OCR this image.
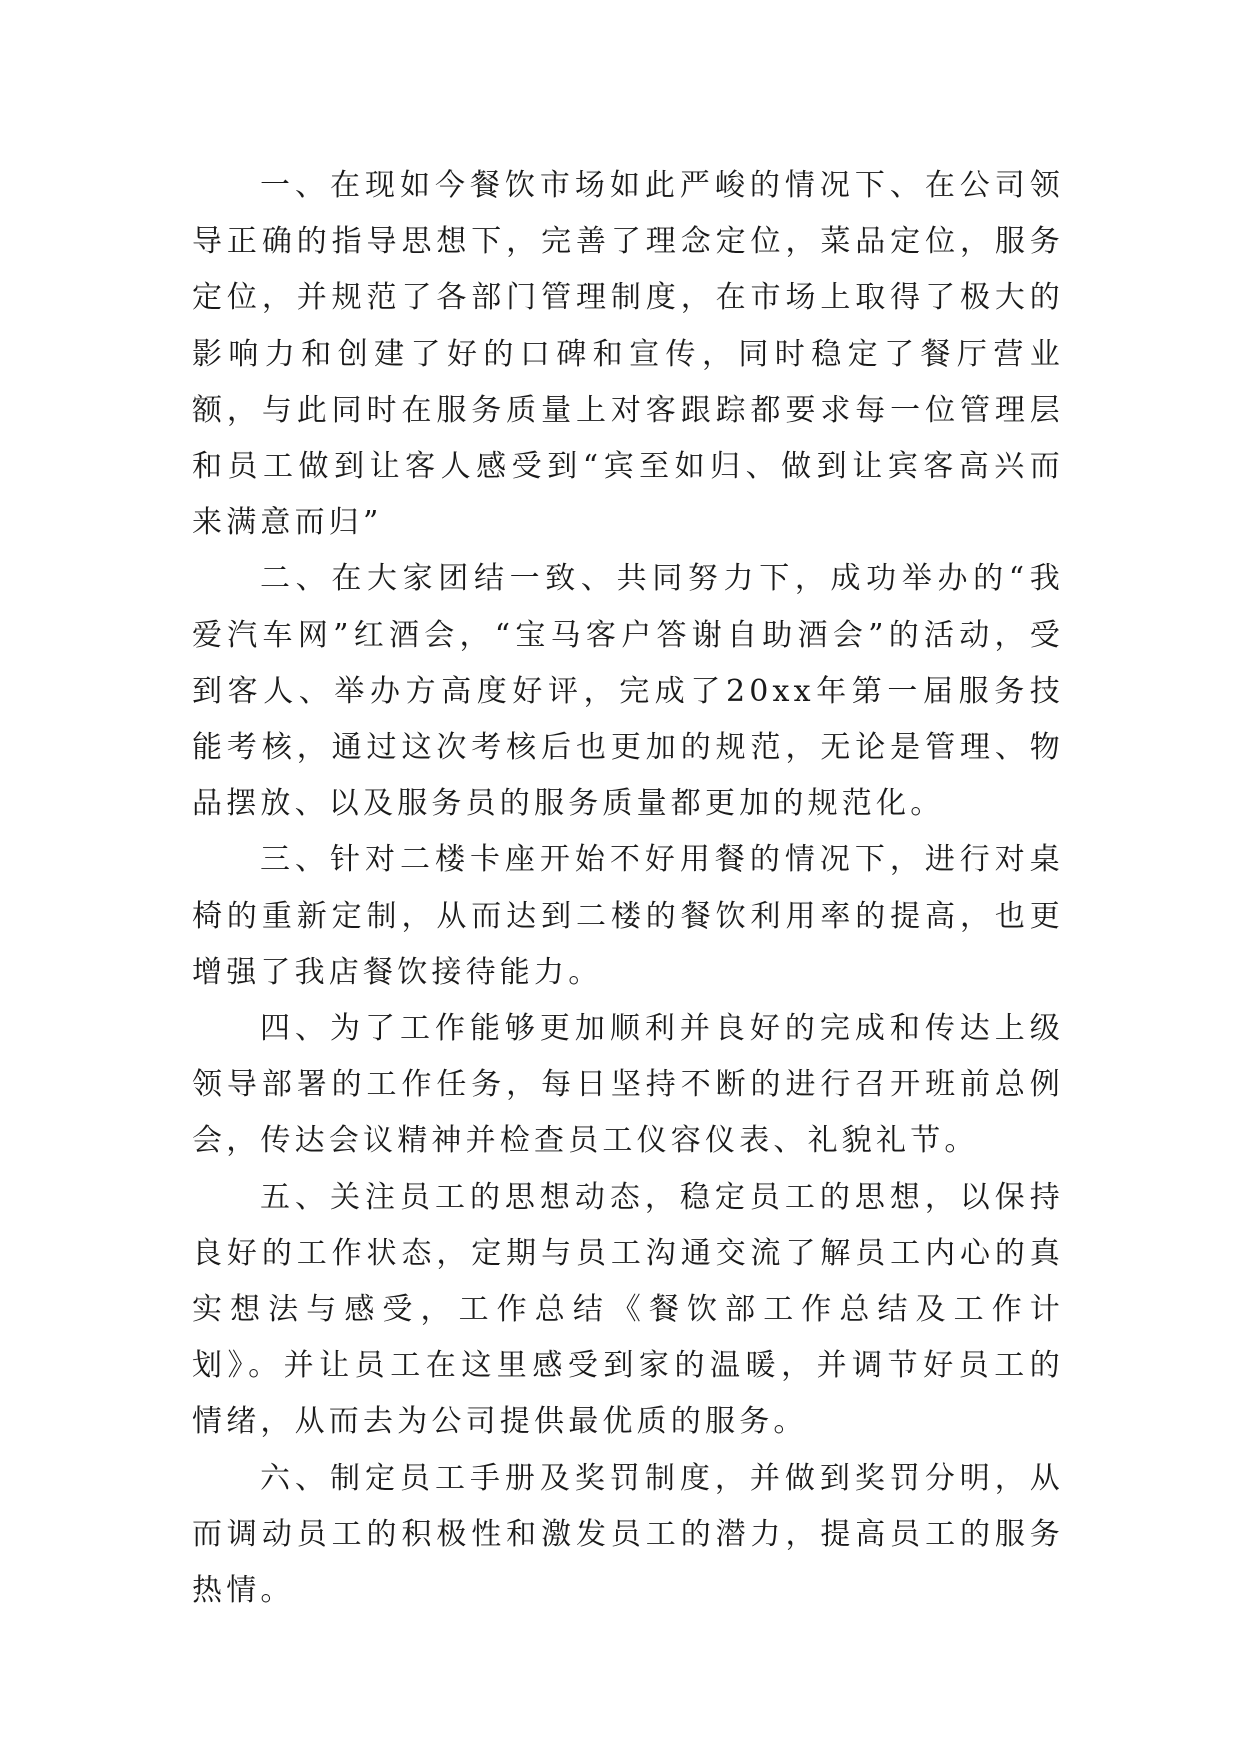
一、在现如今餐饮市场如此严峻的情况下、在公司领导正确的指导思想下，完善了理念定位，菜品定位，服务定位，并规范了各部门管理制度，在市场上取得了极大的影响力和创建了好的口碑和宣传，同时稳定了餐厅营业额，与此同时在服务质量上对客跟踪都要求每一位管理层和员工做到让客人感受到“宾至如归、做到让宾客高兴而来满意而归”

二、在大家团结一致、共同努力下，成功举办的“我爱汽车网”红酒会，“宝马客户答谢自助酒会”的活动，受到客人、举办方高度好评，完成了20xx年第一届服务技能考核，通过这次考核后也更加的规范，无论是管理、物品摆放、以及服务员的服务质量都更加的规范化。

三、针对二楼卡座开始不好用餐的情况下，进行对桌椅的重新定制，从而达到二楼的餐饮利用率的提高，也更增强了我店餐饮接待能力。

四、为了工作能够更加顺利并良好的完成和传达上级领导部署的工作任务，每日坚持不断的进行召开班前总例会，传达会议精神并检查员工仪容仪表、礼貌礼节。

五、关注员工的思想动态，稳定员工的思想，以保持良好的工作状态，定期与员工沟通交流了解员工内心的真实想法与感受，工作总结《餐饮部工作总结及工作计划》。并让员工在这里感受到家的温暖，并调节好员工的情绪，从而去为公司提供最优质的服务。

六、制定员工手册及奖罚制度，并做到奖罚分明，从而调动员工的积极性和激发员工的潜力，提高员工的服务热情。
